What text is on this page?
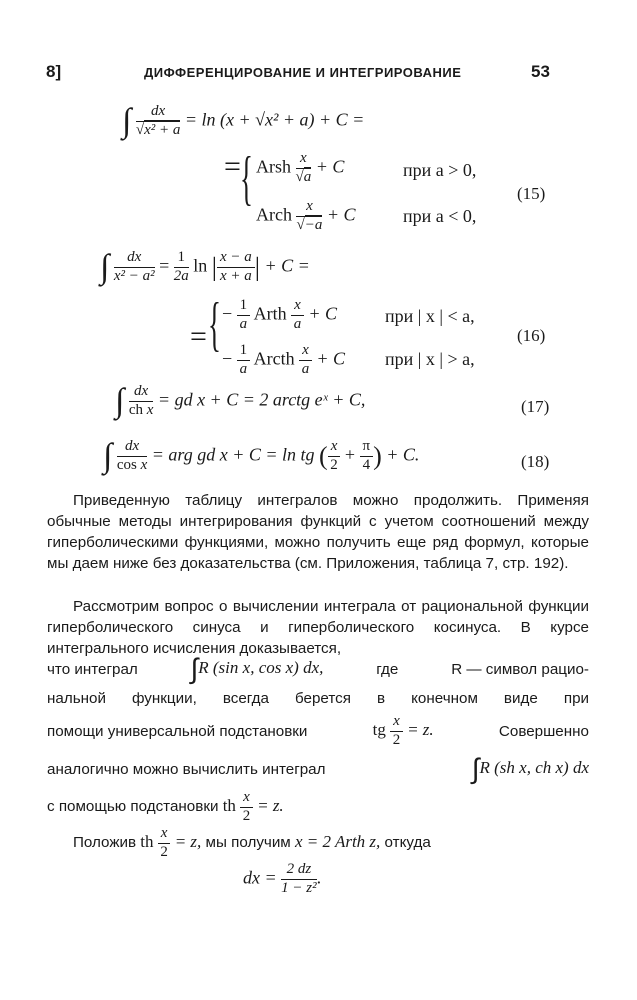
8]	ДИФФЕРЕНЦИРОВАНИЕ И ИНТЕГРИРОВАНИЕ	53
∫ $\frac{dx}{\text{√x² + a}} = \ln (x + √x^2 + a) + C$ =
= { Arsh $\frac{x}{√a} + C$	при a > 0,
Arch $\frac{x}{√-a} + C$	при a < 0,
(15)
∫ $\frac{dx}{\text{x² − a²}} = \frac{1}{2a}$ ln | $\frac{x - a}{x + a}$ | + C =
= { − $\frac{1}{a}$ Arth $\frac{x}{a} + C$	при | x | < a,
− $\frac{1}{a}$ Arcth $\frac{x}{a} + C$ при | x | > a,
(16)
∫ $\frac{dx}{\text{ch x}}$ = gd x + C = 2 arctg eˣ + C,	(17)
∫ $\frac{dx}{\text{cos x}}$ = arg gd x + C = ln tg ( $\frac{x}{2} + \frac{\pi}{4}$ ) + C.	(18)

Приведенную таблицу интегралов можно продолжить. Применяя обычные методы интегрирования функций с учетом соотношений между гиперболическими функциями, можно получить еще ряд формул, которые мы даем ниже без доказательства (см. Приложения, таблица 7, стр. 192).

Рассмотрим вопрос о вычислении интеграла от рациональной функции гиперболического синуса и гиперболического косинуса. В курсе интегрального исчисления доказывается,

что интеграл ∫R (sin x, cos x) dx,	где	R — символ рацио-
нальной функции, всегда берется в конечном виде при
помощи универсальной подстановки	tg $\frac{x}{2} = z$.	Совершенно
аналогично можно вычислить интеграл	∫R (sh x, ch x) dx
с помощью подстановки th $\frac{x}{2} = z$.
Положив th $\frac{x}{2} = z$, мы получим x = 2 Arth z, откуда
dx = $\frac{2 dz}{\text{1 − z²}}$ .
